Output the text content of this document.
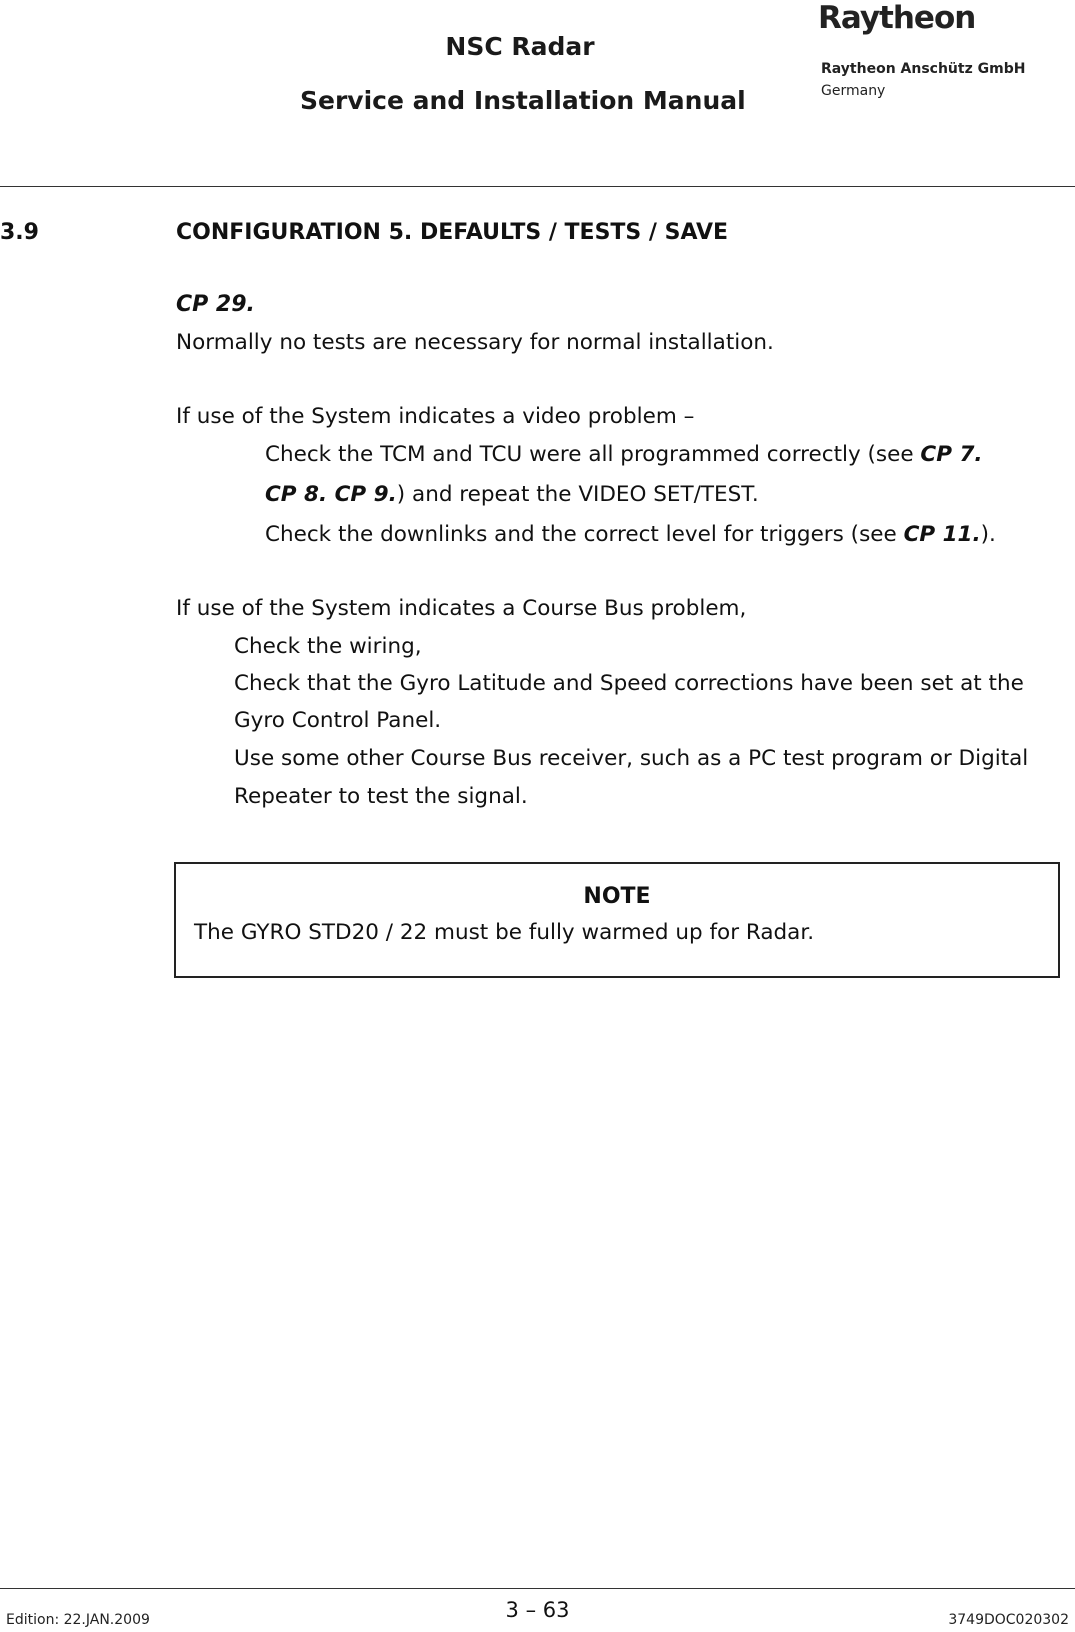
NSC Radar
Service and Installation Manual
Raytheon
Raytheon Anschütz GmbH
Germany
3.9	CONFIGURATION 5. DEFAULTS / TESTS / SAVE
CP 29.
Normally no tests are necessary for normal installation.
If use of the System indicates a video problem –
Check the TCM and TCU were all programmed correctly (see CP 7.
CP 8. CP 9.) and repeat the VIDEO SET/TEST.
Check the downlinks and the correct level for triggers (see CP 11.).
If use of the System indicates a Course Bus problem,
Check the wiring,
Check that the Gyro Latitude and Speed corrections have been set at the
Gyro Control Panel.
Use some other Course Bus receiver, such as a PC test program or Digital
Repeater to test the signal.
NOTE
The GYRO STD20 / 22 must be fully warmed up for Radar.
Edition: 22.JAN.2009	3 – 63	3749DOC020302
